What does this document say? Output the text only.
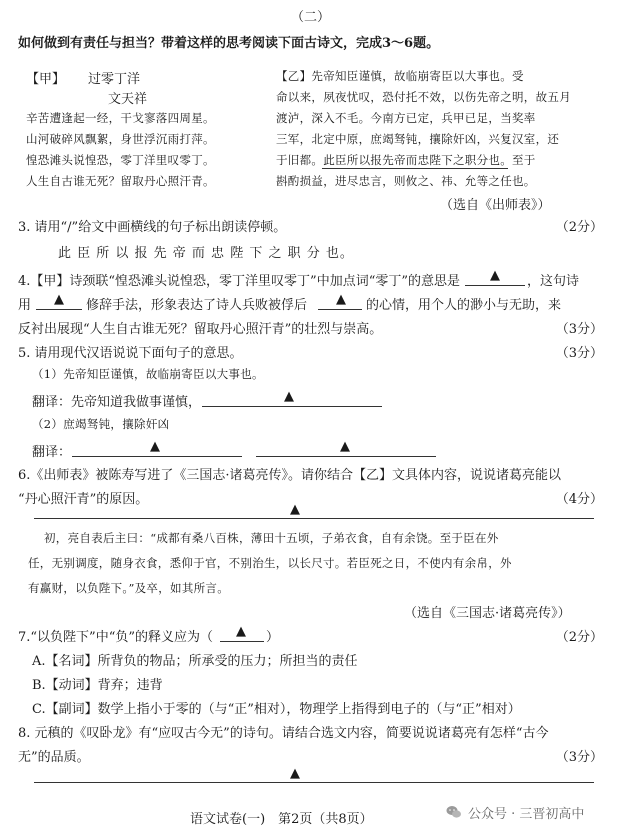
（二）
如何做到有责任与担当？带着这样的思考阅读下面古诗文，完成3～6题。
【甲】 过零丁洋
文天祥
辛苦遭逢起一经，干戈寥落四周星。
山河破碎风飘絮，身世浮沉雨打萍。
惶恐滩头说惶恐，零丁洋里叹零丁。
人生自古谁无死？留取丹心照汗青。
【乙】先帝知臣谨慎，故临崩寄臣以大事也。受
命以来，夙夜忧叹，恐付托不效，以伤先帝之明，故五月
渡泸，深入不毛。今南方已定，兵甲已足，当奖率
三军，北定中原，庶竭驽钝，攘除奸凶，兴复汉室，还
于旧都。此臣所以报先帝而忠陛下之职分也。至于
斟酌损益，进尽忠言，则攸之、祎、允等之任也。
（选自《出师表》）
3. 请用“/”给文中画横线的句子标出朗读停顿。	（2分）
此 臣 所 以 报 先 帝 而 忠 陛 下 之 职 分 也。
4.【甲】诗颈联“惶恐滩头说惶恐，零丁洋里叹零丁”中加点词“零丁”的意思是 ▲ ，这句诗
用 ▲ 修辞手法，形象表达了诗人兵败被俘后 ▲ 的心情，用个人的渺小与无助，来
反衬出展现“人生自古谁无死？留取丹心照汗青”的壮烈与崇高。	（3分）
5. 请用现代汉语说说下面句子的意思。	（3分）
（1）先帝知臣谨慎，故临崩寄臣以大事也。
翻译：先帝知道我做事谨慎，	▲
（2）庶竭驽钝，攘除奸凶
翻译：	▲	▲
6.《出师表》被陈寿写进了《三国志·诸葛亮传》。请你结合【乙】文具体内容，说说诸葛亮能以
“丹心照汗青”的原因。	（4分）
▲
初，亮自表后主曰：“成都有桑八百株，薄田十五顷，子弟衣食，自有余饶。至于臣在外
任，无别调度，随身衣食，悉仰于官，不别治生，以长尺寸。若臣死之日，不使内有余帛，外
有赢财，以负陛下。”及卒，如其所言。
（选自《三国志·诸葛亮传》）
7.“以负陛下”中“负”的释义应为（ ▲ ）	（2分）
A.【名词】所背负的物品；所承受的压力；所担当的责任
B.【动词】背弃；违背
C.【副词】数学上指小于零的（与“正”相对），物理学上指得到电子的（与“正”相对）
8. 元稹的《叹卧龙》有“应叹古今无”的诗句。请结合选文内容，简要说说诸葛亮有怎样“古今
无”的品质。	（3分）
▲
语文试卷(一)　第2页（共8页）	公众号 · 三晋初高中
